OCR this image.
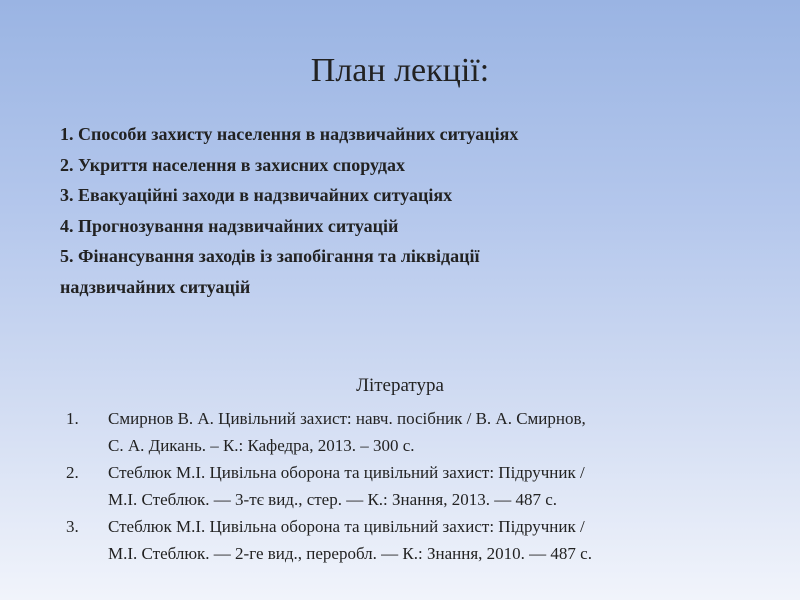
План лекції:
1. Способи захисту населення в надзвичайних ситуаціях
2. Укриття населення в захисних спорудах
3. Евакуаційні заходи в надзвичайних ситуаціях
4. Прогнозування надзвичайних ситуацій
5. Фінансування заходів із запобігання та ліквідації
надзвичайних ситуацій
Література
1.	Смирнов В. А. Цивільний захист: навч. посібник / В. А. Смирнов,
С. А. Дикань. – К.: Кафедра, 2013. – 300 с.
2.	Стеблюк М.І. Цивільна оборона та цивільний захист: Підручник /
М.І. Стеблюк. — 3-тє вид., стер. — К.: Знання, 2013. — 487 с.
3.	Стеблюк М.І. Цивільна оборона та цивільний захист: Підручник /
М.І. Стеблюк. — 2-ге вид., переробл. — К.: Знання, 2010. — 487 с.
